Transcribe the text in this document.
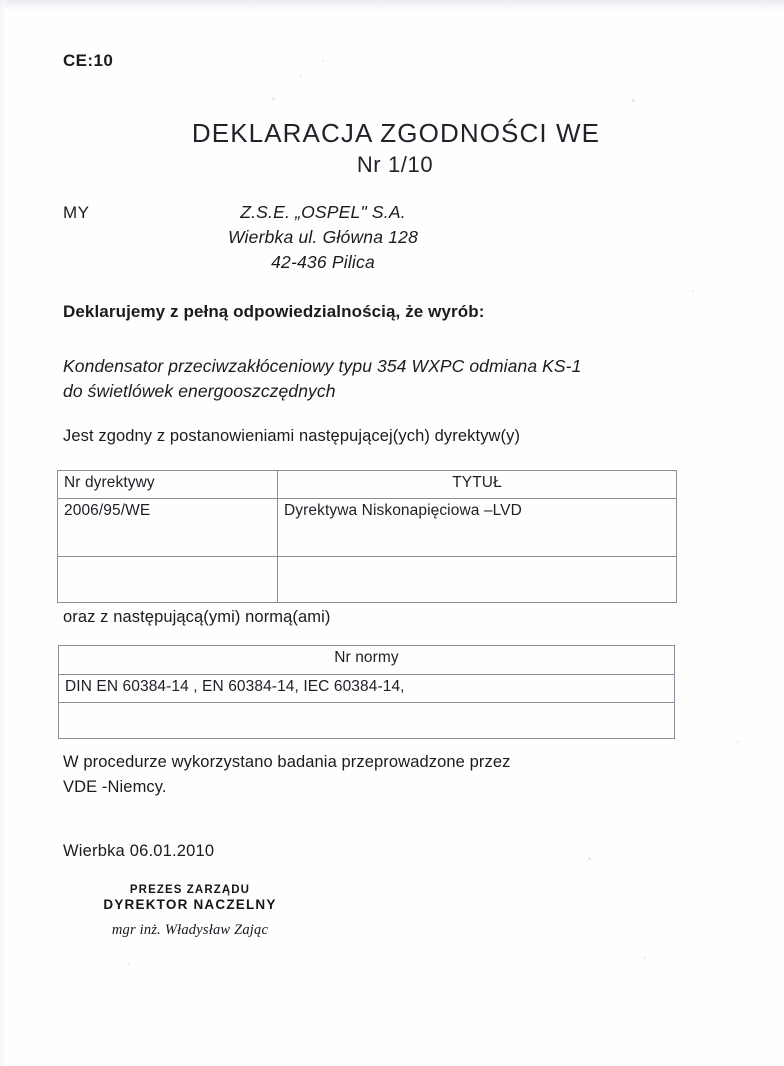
CE:10
DEKLARACJA ZGODNOŚCI WE
Nr 1/10
MY	Z.S.E. „OSPEL" S.A.
Wierbka ul. Główna 128
42-436 Pilica
Deklarujemy z pełną odpowiedzialnością, że wyrób:
Kondensator przeciwzakłóceniowy typu 354 WXPC odmiana KS-1
do świetlówek energooszczędnych
Jest zgodny z postanowieniami następującej(ych) dyrektyw(y)
Nr dyrektywy	TYTUŁ
2006/95/WE	Dyrektywa Niskonapięciowa –LVD

oraz z następującą(ymi) normą(ami)
Nr normy
DIN EN 60384-14 , EN 60384-14, IEC 60384-14,

W procedurze wykorzystano badania przeprowadzone przez
VDE -Niemcy.
Wierbka 06.01.2010
PREZES ZARZĄDU
DYREKTOR NACZELNY
mgr inż. Władysław Zając
